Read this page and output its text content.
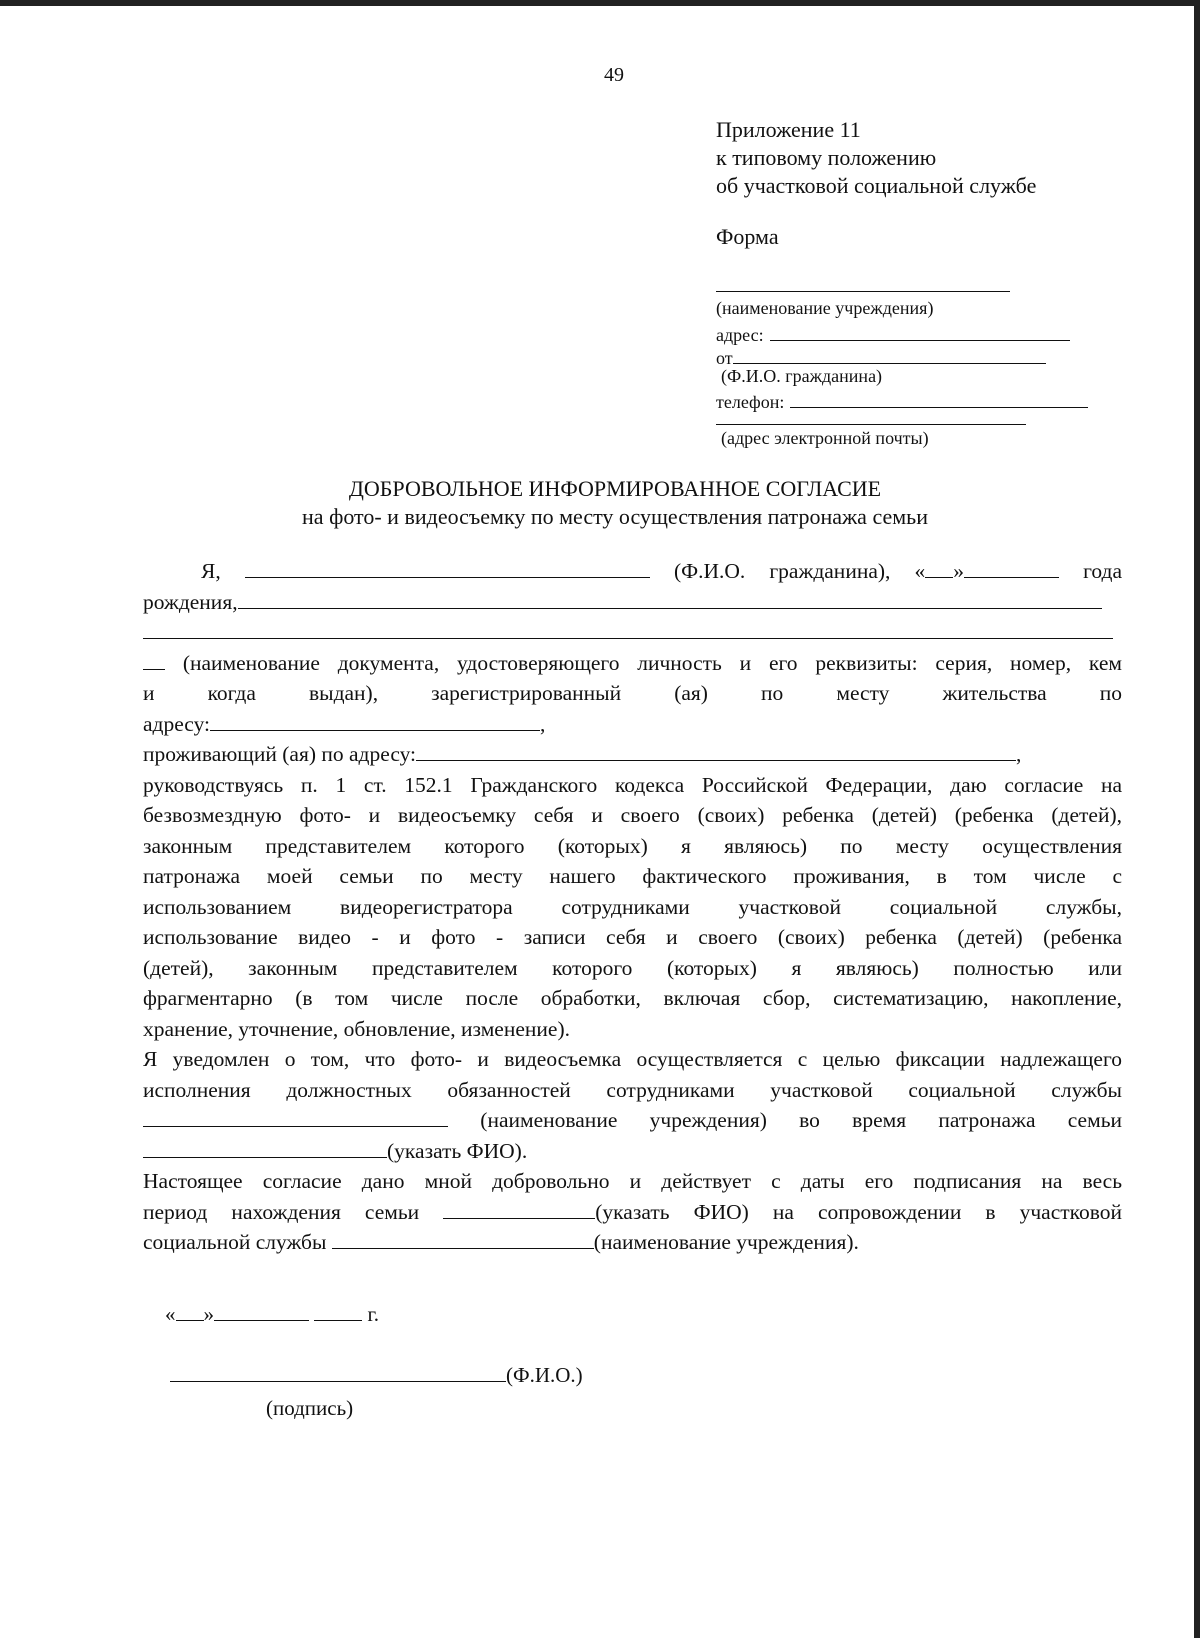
49
Приложение 11
к типовому положению
об участковой социальной службе
Форма
(наименование учреждения)
адрес:
от
(Ф.И.О. гражданина)
телефон:
(адрес электронной почты)
ДОБРОВОЛЬНОЕ ИНФОРМИРОВАННОЕ СОГЛАСИЕ
на фото- и видеосъемку по месту осуществления патронажа семьи

Я,	(Ф.И.О. гражданина), « »	года

рождения,

(наименование документа, удостоверяющего личность и его реквизиты: серия, номер, кем

и когда выдан), зарегистрированный (ая) по месту жительства по

адресу:	,

проживающий (ая) по адресу:	,

руководствуясь п. 1 ст. 152.1 Гражданского кодекса Российской Федерации, даю согласие на

безвозмездную фото- и видеосъемку себя и своего (своих) ребенка (детей) (ребенка (детей),

законным представителем которого (которых) я являюсь) по месту осуществления

патронажа моей семьи по месту нашего фактического проживания, в том числе с

использованием видеорегистратора сотрудниками участковой социальной службы,

использование видео - и фото - записи себя и своего (своих) ребенка (детей) (ребенка

(детей), законным представителем которого (которых) я являюсь) полностью или

фрагментарно (в том числе после обработки, включая сбор, систематизацию, накопление,

хранение, уточнение, обновление, изменение).

Я уведомлен о том, что фото- и видеосъемка осуществляется с целью фиксации надлежащего

исполнения должностных обязанностей сотрудниками участковой социальной службы

(наименование учреждения) во время патронажа семьи

(указать ФИО).

Настоящее согласие дано мной добровольно и действует с даты его подписания на весь

период нахождения семьи	(указать ФИО) на сопровождении в участковой

социальной службы	(наименование учреждения).

« »	г.
(Ф.И.О.)
(подпись)
